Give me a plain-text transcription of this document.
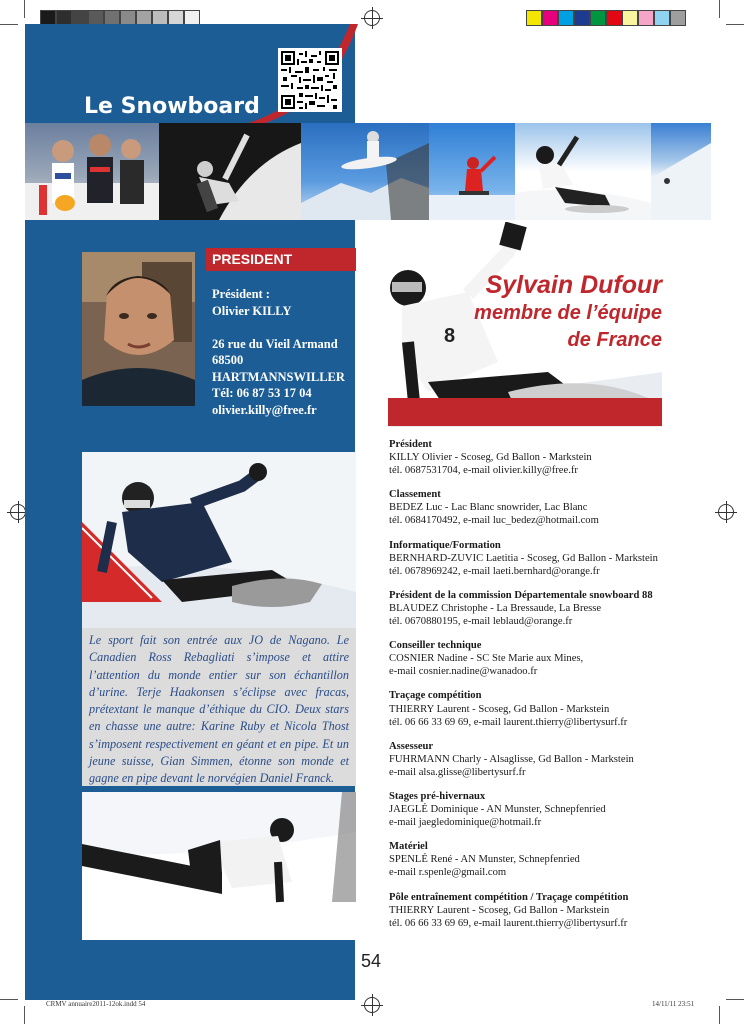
Le Snowboard
PRESIDENT
Président :
Olivier KILLY
26 rue du Vieil Armand
68500
HARTMANNSWILLER
Tél: 06 87 53 17 04
olivier.killy@free.fr
Le sport fait son entrée aux JO de Nagano. Le Canadien Ross Rebagliati s’impose et attire l’attention du monde entier sur son échantillon d’urine. Terje Haakonsen s’éclipse avec fracas, prétextant le manque d’éthique du CIO. Deux stars en chasse une autre: Karine Ruby et Nicola Thost s’imposent respectivement en géant et en pipe. Et un jeune suisse, Gian Simmen, étonne son monde et gagne en pipe devant le norvégien Daniel Franck.
8
Sylvain Dufour
membre de l’équipe
de France
Président
KILLY Olivier - Scoseg, Gd Ballon - Markstein
tél. 0687531704, e-mail olivier.killy@free.fr
Classement
BEDEZ Luc - Lac Blanc snowrider, Lac Blanc
tél. 0684170492, e-mail luc_bedez@hotmail.com
Informatique/Formation
BERNHARD-ZUVIC Laetitia - Scoseg, Gd Ballon - Markstein
tél. 0678969242, e-mail laeti.bernhard@orange.fr
Président de la commission Départementale snowboard 88
BLAUDEZ Christophe - La Bressaude, La Bresse
tél. 0670880195, e-mail leblaud@orange.fr
Conseiller technique
COSNIER Nadine - SC Ste Marie aux Mines,
e-mail cosnier.nadine@wanadoo.fr
Traçage compétition
THIERRY Laurent - Scoseg, Gd Ballon - Markstein
tél. 06 66 33 69 69, e-mail laurent.thierry@libertysurf.fr
Assesseur
FUHRMANN Charly - Alsaglisse, Gd Ballon - Markstein
e-mail alsa.glisse@libertysurf.fr
Stages pré-hivernaux
JAEGLÉ Dominique - AN Munster, Schnepfenried
e-mail jaegledominique@hotmail.fr
Matériel
SPENLÉ René - AN Munster, Schnepfenried
e-mail r.spenle@gmail.com
Pôle entraînement compétition / Traçage compétition
THIERRY Laurent - Scoseg, Gd Ballon - Markstein
tél. 06 66 33 69 69, e-mail laurent.thierry@libertysurf.fr
54
CRMV annuaire2011-12ok.indd 54	14/11/11 23:51
